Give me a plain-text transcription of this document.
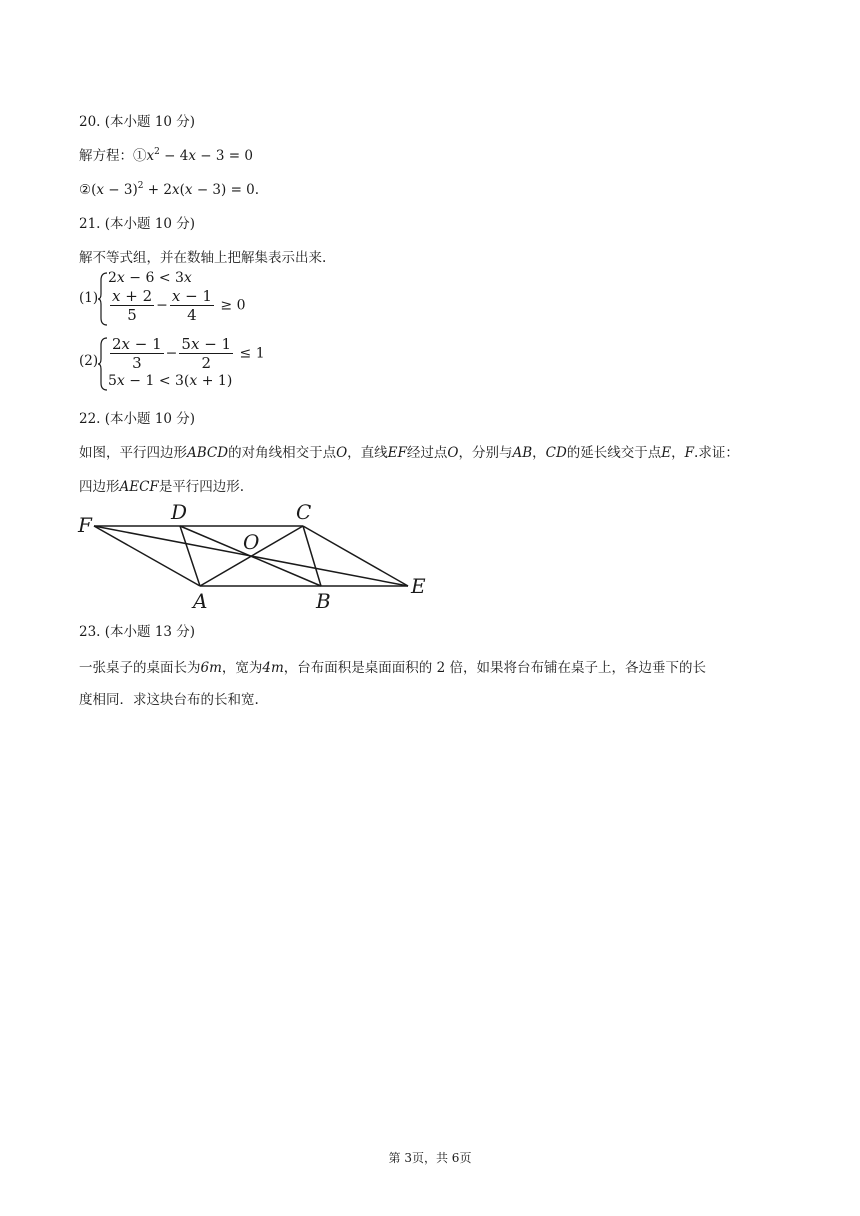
20. (本小题 10 分)
解方程：$①x^2 - 4x - 3 = 0$
②(x − 3)$^2$ + 2x(x − 3) = 0.
21. (本小题 10 分)
解不等式组，并在数轴上把解集表示出来.
(1)
2x − 6 < 3x
$\frac{x + 2}{5} - \frac{x - 1}{4} \ge 0$
$(2) \frac{2x - 1}{3} - \frac{5x - 1}{2} \le 1$
5x − 1 < 3(x + 1)
22. (本小题 10 分)
如图，平行四边形ABCD的对角线相交于点O，直线EF经过点O，分别与AB，CD的延长线交于点E，F.求证：
四边形AECF是平行四边形.
F
D	C
O
E
A	B
23. (本小题 13 分)
一张桌子的桌面长为6m，宽为4m，台布面积是桌面面积的 2 倍，如果将台布铺在桌子上，各边垂下的长
度相同．求这块台布的长和宽.
第 3页，共 6页
